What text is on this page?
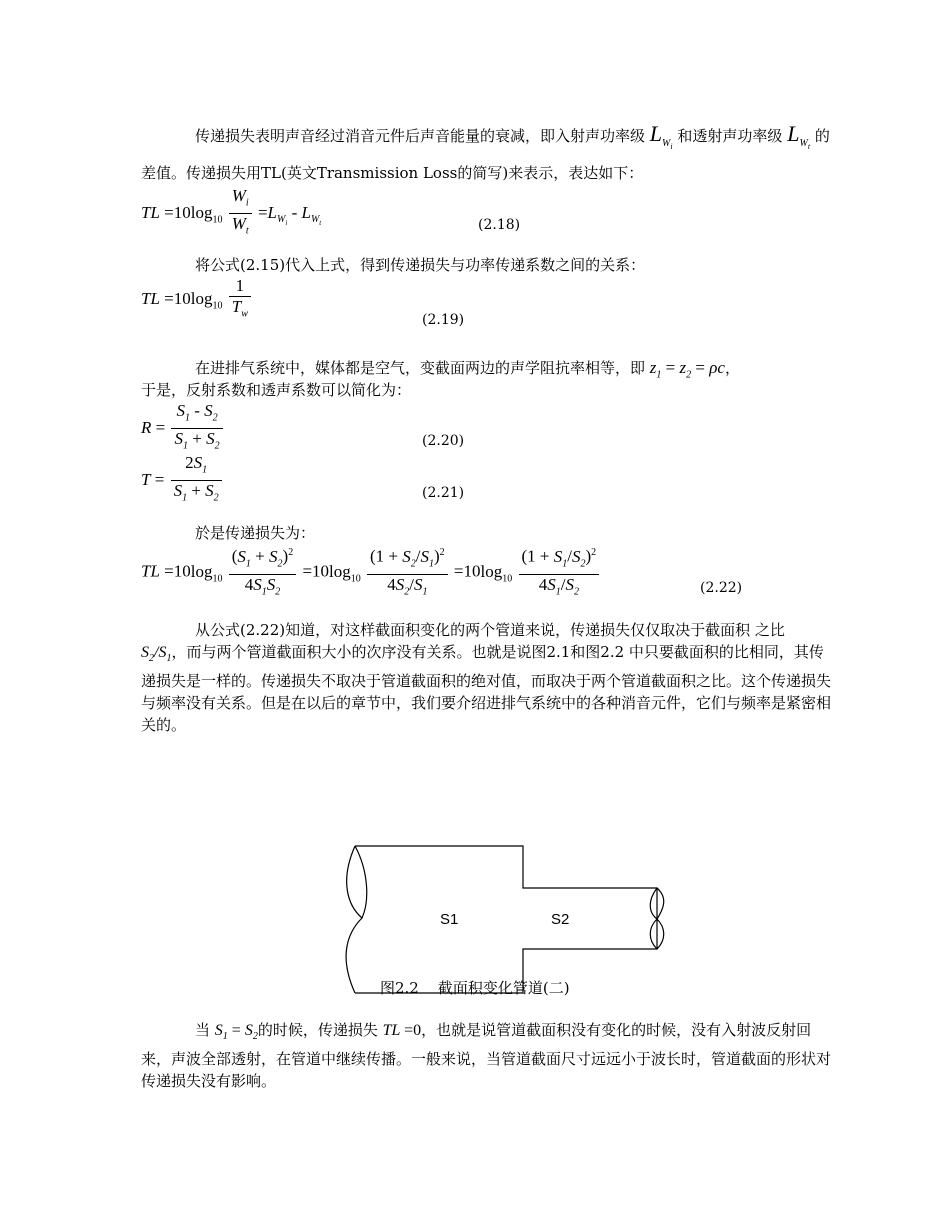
传递损失表明声音经过消音元件后声音能量的衰减，即入射声功率级 $L_{W_i}$ 和透射声功率级 $L_{W_t}$ 的差值。传递损失用TL(英文Transmission Loss的简写)来表示，表达如下：
TL $=10\log_{10} \frac{W_i}{W_t} =L_{W_i} - L_{W_t}$	(2.18)
将公式(2.15)代入上式，得到传递损失与功率传递系数之间的关系：
TL $=10\log_{10} \frac{1}{T_w}$	(2.19)
在进排气系统中，媒体都是空气，变截面两边的声学阻抗率相等，即 $z_1 = z_2 = \rho c$，
于是，反射系数和透声系数可以简化为：
$R = \frac{S_1 - S_2}{S_1 + S_2}$	(2.20)
$T = \frac{2S_1}{S_1 + S_2}$	(2.21)
於是传递损失为：
TL $=10\log_{10} \frac{(S_1 + S_2)^2}{4S_1S_2} =10\log_{10} \frac{(1 + S_2/S_1)^2}{4S_2/S_1} =10\log_{10} \frac{(1 + S_1/S_2)^2}{4S_1/S_2}$	(2.22)
从公式(2.22)知道，对这样截面积变化的两个管道来说，传递损失仅仅取决于截面积 之比 $S_2/S_1$，而与两个管道截面积大小的次序没有关系。也就是说图2.1和图2.2 中只要截面积的比相同，其传递损失是一样的。传递损失不取决于管道截面积的绝对值，而取决于两个管道截面积之比。这个传递损失与频率没有关系。但是在以后的章节中，我们要介绍进排气系统中的各种消音元件，它们与频率是紧密相关的。
S1	S2
图2.2    截面积变化管道(二)
当 $S_1 = S_2$的时候，传递损失 TL =0，也就是说管道截面积没有变化的时候，没有入射波反射回来，声波全部透射，在管道中继续传播。一般来说，当管道截面尺寸远远小于波长时，管道截面的形状对传递损失没有影响。
